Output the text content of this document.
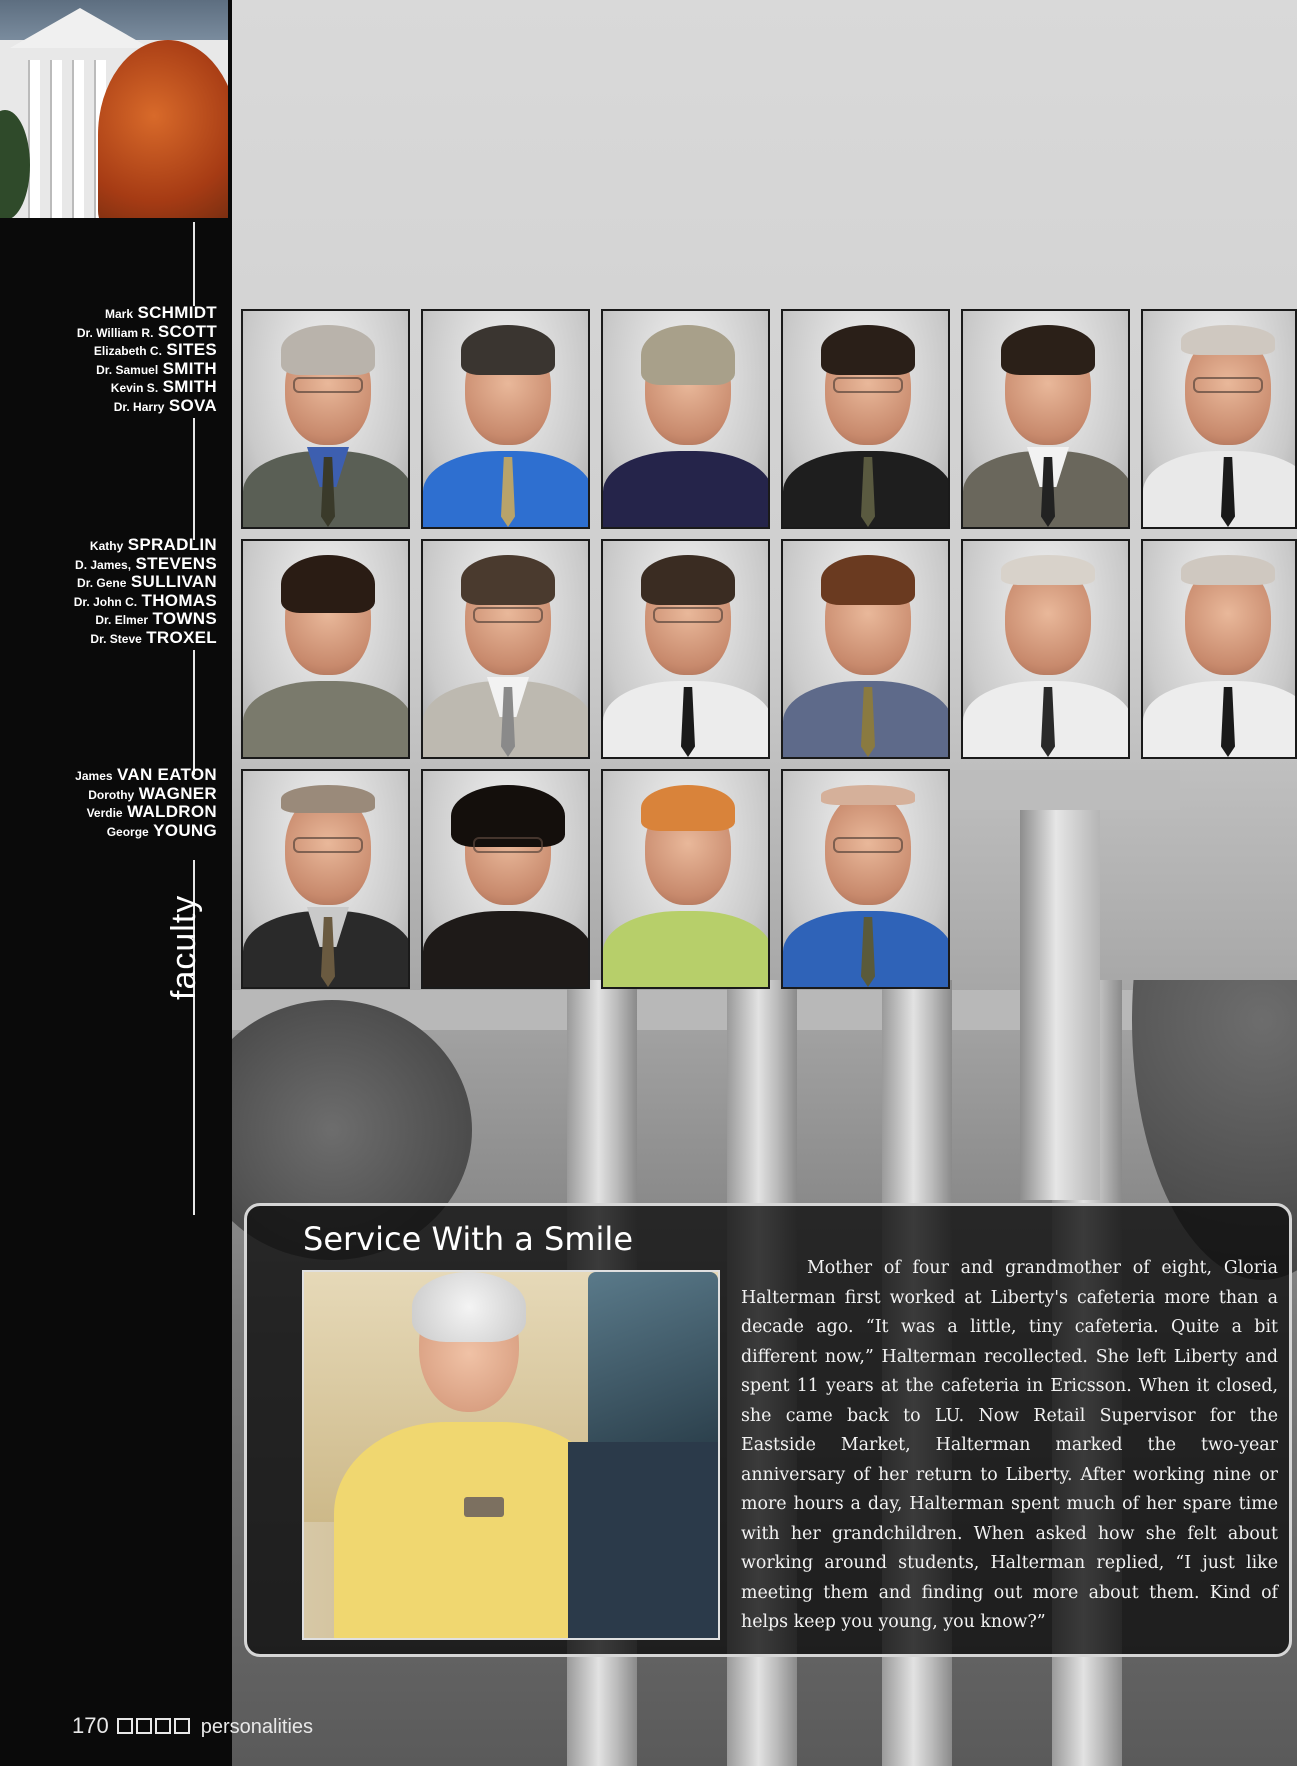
Mark SCHMIDT
Dr. William R. SCOTT
Elizabeth C. SITES
Dr. Samuel SMITH
Kevin S. SMITH
Dr. Harry SOVA
Kathy SPRADLIN
D. James, STEVENS
Dr. Gene SULLIVAN
Dr. John C. THOMAS
Dr. Elmer TOWNS
Dr. Steve TROXEL
James VAN EATON
Dorothy WAGNER
Verdie WALDRON
George YOUNG
faculty
Service With a Smile

Mother of four and grandmother of eight, Gloria Halterman first worked at Liberty's cafeteria more than a decade ago. “It was a little, tiny cafeteria. Quite a bit different now,” Halterman recollected. She left Liberty and spent 11 years at the cafeteria in Ericsson. When it closed, she came back to LU. Now Retail Supervisor for the Eastside Market, Halterman marked the two-year anniversary of her return to Liberty. After working nine or more hours a day, Halterman spent much of her spare time with her grandchildren. When asked how she felt about working around students, Halterman replied, “I just like meeting them and finding out more about them. Kind of helps keep you young, you know?”

170	personalities
